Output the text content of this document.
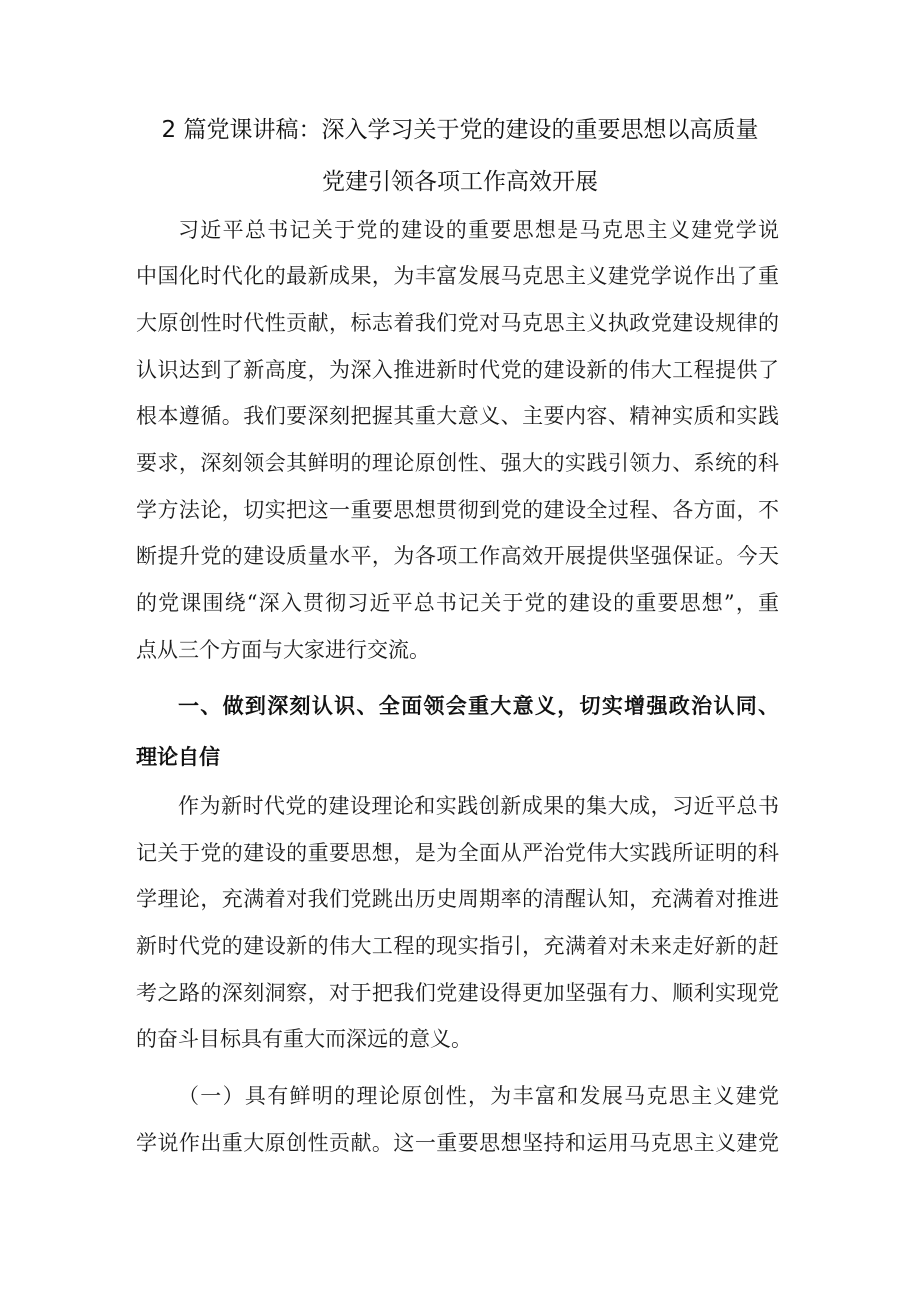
2 篇党课讲稿：深入学习关于党的建设的重要思想以高质量
党建引领各项工作高效开展
习近平总书记关于党的建设的重要思想是马克思主义建党学说
中国化时代化的最新成果，为丰富发展马克思主义建党学说作出了重
大原创性时代性贡献，标志着我们党对马克思主义执政党建设规律的
认识达到了新高度，为深入推进新时代党的建设新的伟大工程提供了
根本遵循。我们要深刻把握其重大意义、主要内容、精神实质和实践
要求，深刻领会其鲜明的理论原创性、强大的实践引领力、系统的科
学方法论，切实把这一重要思想贯彻到党的建设全过程、各方面，不
断提升党的建设质量水平，为各项工作高效开展提供坚强保证。今天
的党课围绕“深入贯彻习近平总书记关于党的建设的重要思想”，重
点从三个方面与大家进行交流。
一、做到深刻认识、全面领会重大意义，切实增强政治认同、
理论自信
作为新时代党的建设理论和实践创新成果的集大成，习近平总书
记关于党的建设的重要思想，是为全面从严治党伟大实践所证明的科
学理论，充满着对我们党跳出历史周期率的清醒认知，充满着对推进
新时代党的建设新的伟大工程的现实指引，充满着对未来走好新的赶
考之路的深刻洞察，对于把我们党建设得更加坚强有力、顺利实现党
的奋斗目标具有重大而深远的意义。
（一）具有鲜明的理论原创性，为丰富和发展马克思主义建党
学说作出重大原创性贡献。这一重要思想坚持和运用马克思主义建党
